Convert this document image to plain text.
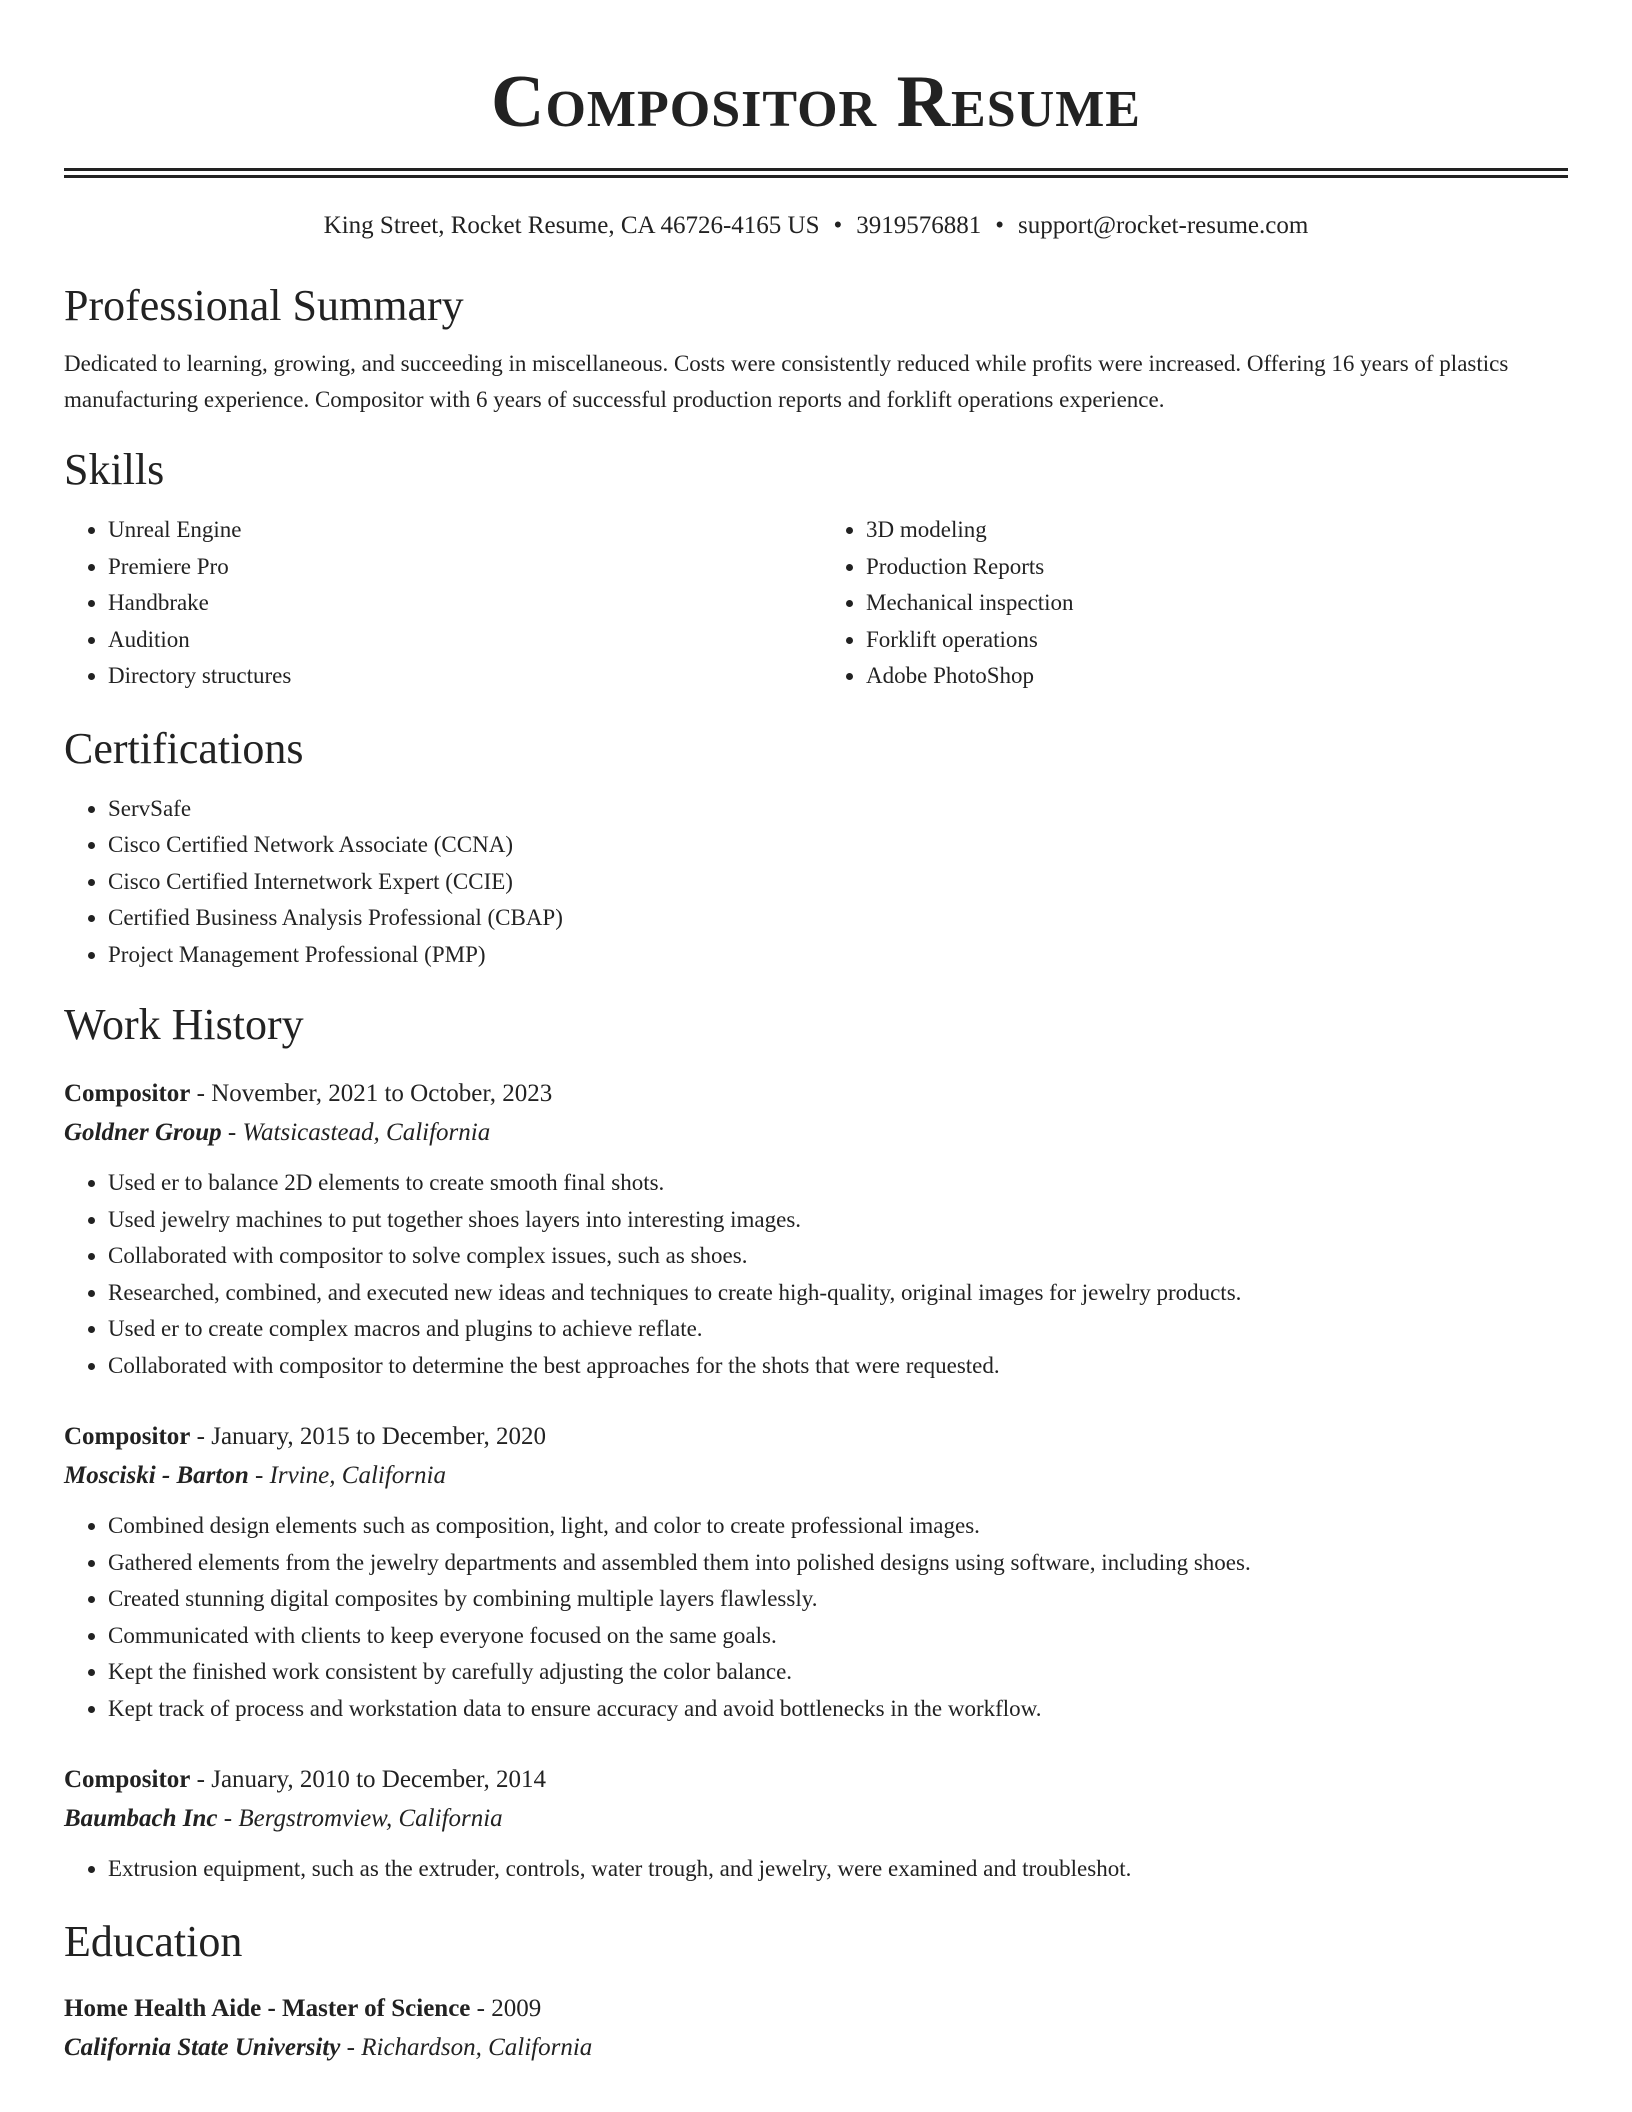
Compositor Resume
King Street, Rocket Resume, CA 46726-4165 US • 3919576881 • support@rocket-resume.com
Professional Summary

Dedicated to learning, growing, and succeeding in miscellaneous. Costs were consistently reduced while profits were increased. Offering 16 years of plastics manufacturing experience. Compositor with 6 years of successful production reports and forklift operations experience.

Skills
• Unreal Engine
• Premiere Pro
• Handbrake
• Audition
• Directory structures
• 3D modeling
• Production Reports
• Mechanical inspection
• Forklift operations
• Adobe PhotoShop
Certifications
• ServSafe
• Cisco Certified Network Associate (CCNA)
• Cisco Certified Internetwork Expert (CCIE)
• Certified Business Analysis Professional (CBAP)
• Project Management Professional (PMP)
Work History
Compositor - November, 2021 to October, 2023
Goldner Group - Watsicastead, California
• Used er to balance 2D elements to create smooth final shots.
• Used jewelry machines to put together shoes layers into interesting images.
• Collaborated with compositor to solve complex issues, such as shoes.
• Researched, combined, and executed new ideas and techniques to create high-quality, original images for jewelry products.
• Used er to create complex macros and plugins to achieve reflate.
• Collaborated with compositor to determine the best approaches for the shots that were requested.
Compositor - January, 2015 to December, 2020
Mosciski - Barton - Irvine, California
• Combined design elements such as composition, light, and color to create professional images.
• Gathered elements from the jewelry departments and assembled them into polished designs using software, including shoes.
• Created stunning digital composites by combining multiple layers flawlessly.
• Communicated with clients to keep everyone focused on the same goals.
• Kept the finished work consistent by carefully adjusting the color balance.
• Kept track of process and workstation data to ensure accuracy and avoid bottlenecks in the workflow.
Compositor - January, 2010 to December, 2014
Baumbach Inc - Bergstromview, California
• Extrusion equipment, such as the extruder, controls, water trough, and jewelry, were examined and troubleshot.
Education
Home Health Aide - Master of Science - 2009
California State University - Richardson, California
